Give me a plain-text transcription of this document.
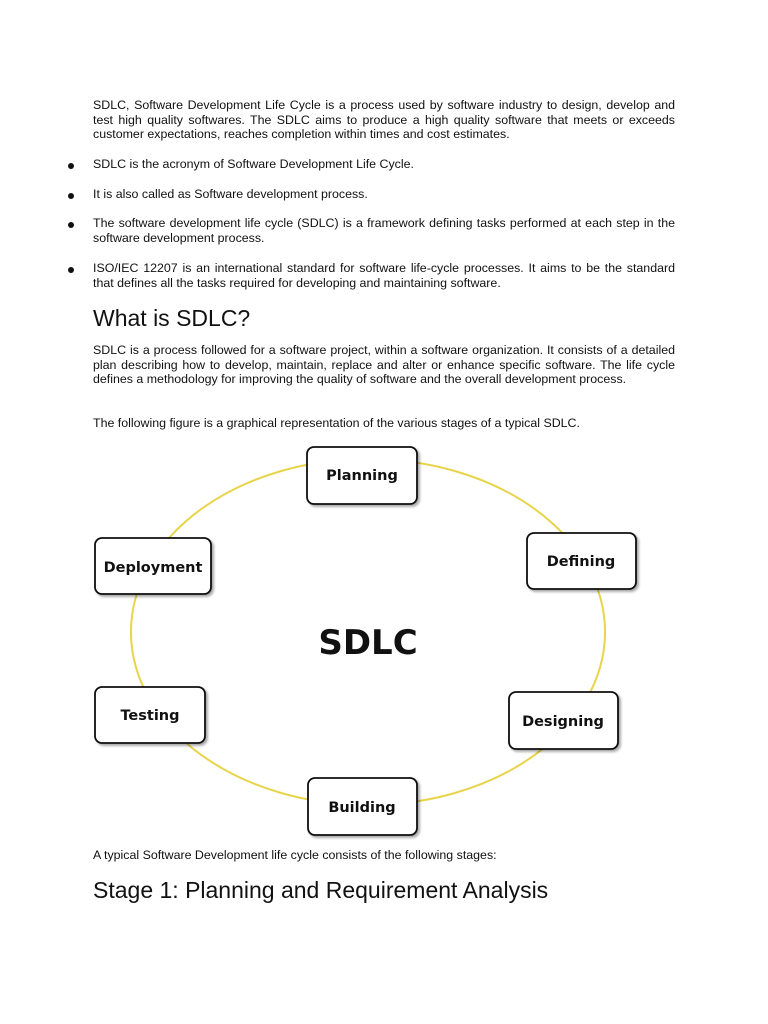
SDLC, Software Development Life Cycle is a process used by software industry to design, develop and test high quality softwares. The SDLC aims to produce a high quality software that meets or exceeds customer expectations, reaches completion within times and cost estimates.

SDLC is the acronym of Software Development Life Cycle.

It is also called as Software development process.

The software development life cycle (SDLC) is a framework defining tasks performed at each step in the software development process.

ISO/IEC 12207 is an international standard for software life-cycle processes. It aims to be the standard that defines all the tasks required for developing and maintaining software.

What is SDLC?

SDLC is a process followed for a software project, within a software organization. It consists of a detailed plan describing how to develop, maintain, replace and alter or enhance specific software. The life cycle defines a methodology for improving the quality of software and the overall development process.

The following figure is a graphical representation of the various stages of a typical SDLC.

SDLC
Planning
Defining
Designing
Building
Testing
Deployment

A typical Software Development life cycle consists of the following stages:

Stage 1: Planning and Requirement Analysis
